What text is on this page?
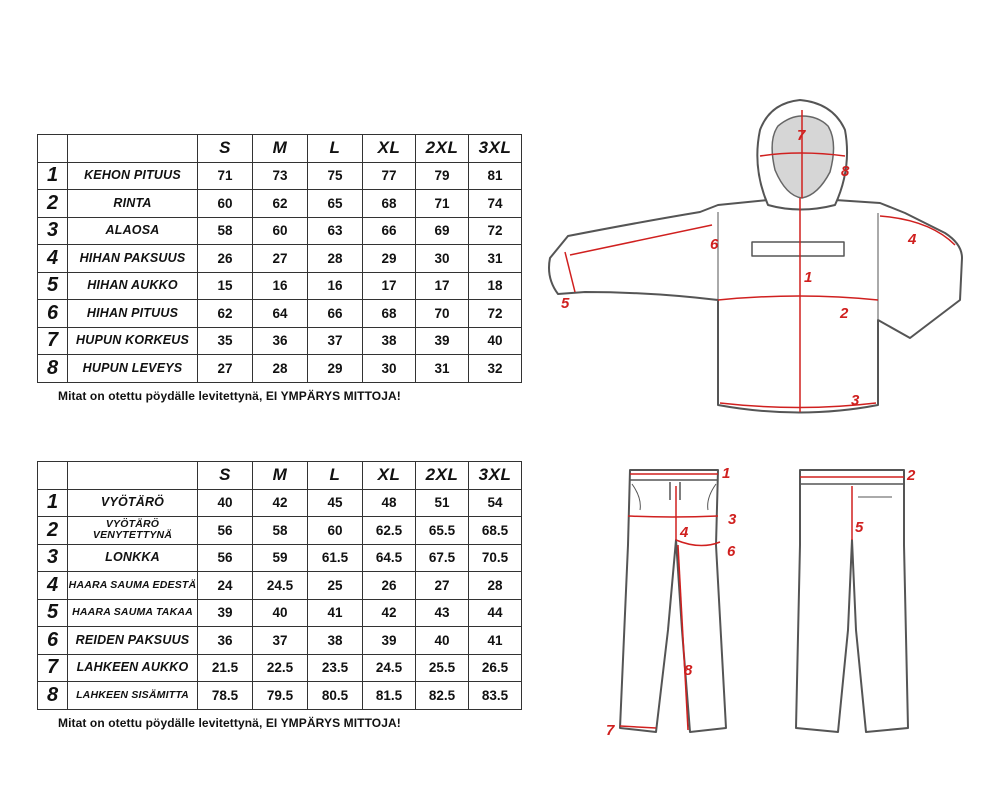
		S	M	L	XL	2XL	3XL
1	KEHON PITUUS	71	73	75	77	79	81
2	RINTA	60	62	65	68	71	74
3	ALAOSA	58	60	63	66	69	72
4	HIHAN PAKSUUS	26	27	28	29	30	31
5	HIHAN AUKKO	15	16	16	17	17	18
6	HIHAN PITUUS	62	64	66	68	70	72
7	HUPUN KORKEUS	35	36	37	38	39	40
8	HUPUN LEVEYS	27	28	29	30	31	32
Mitat on otettu pöydälle levitettynä, EI YMPÄRYS MITTOJA!
		S	M	L	XL	2XL	3XL
1	VYÖTÄRÖ	40	42	45	48	51	54
2	VYÖTÄRÖ VENYTETTYNÄ	56	58	60	62.5	65.5	68.5
3	LONKKA	56	59	61.5	64.5	67.5	70.5
4	HAARA SAUMA EDESTÄ	24	24.5	25	26	27	28
5	HAARA SAUMA TAKAA	39	40	41	42	43	44
6	REIDEN PAKSUUS	36	37	38	39	40	41
7	LAHKEEN AUKKO	21.5	22.5	23.5	24.5	25.5	26.5
8	LAHKEEN SISÄMITTA	78.5	79.5	80.5	81.5	82.5	83.5
Mitat on otettu pöydälle levitettynä, EI YMPÄRYS MITTOJA!
1
2
3
4
5
6
7
8
1
3
4
6
7
8
2
5
